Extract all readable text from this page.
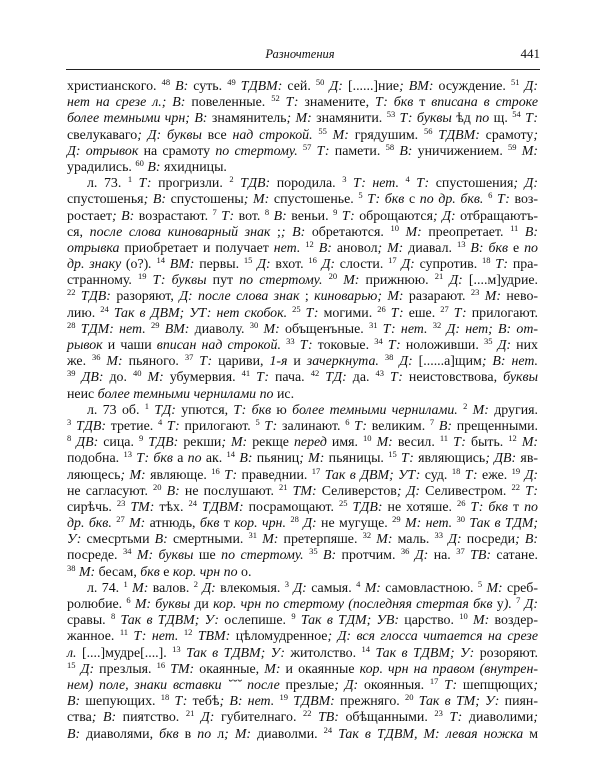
Разночтения	441
христианского. $^{48}$ В: суть. $^{49}$ ТДВМ: сей. $^{50}$ Д: [......]ние; ВМ: осуждение. $^{51}$ Д:
нет на срезе л.; В: повеленные. $^{52}$ Т: знамените, Т: бкв т вписана в строке
более темными чрн; В: знамянитель; М: знамянити. $^{53}$ Т: буквы ѣд по щ. $^{54}$ Т:
свелукаваго; Д: буквы все над строкой. $^{55}$ М: грядушим. $^{56}$ ТДВМ: срамоту;
Д: отрывок на срамоту по стертому. $^{57}$ Т: памети. $^{58}$ В: уничижением. $^{59}$ М:
урадились. $^{60}$ В: яхидницы.
л. 73. $^1$ Т: прогризли. $^2$ ТДВ: породила. $^3$ Т: нет. $^4$ Т: спустошения; Д:
спустошенья; В: спустошены; М: спустошенье. $^5$ Т: бкв с по др. бкв. $^6$ Т: воз-
ростает; В: возрастают. $^7$ Т: вот. $^8$ В: веньи. $^9$ Т: оброщаются; Д: отбращаютъ-
ся, после слова киноварный знак ;; В: обретаются. $^{10}$ М: преопретает. $^{11}$ В:
отрывка приобретает и получает нет. $^{12}$ В: ановол; М: диавал. $^{13}$ В: бкв е по
др. знаку (о?). $^{14}$ ВМ: первы. $^{15}$ Д: вхот. $^{16}$ Д: слости. $^{17}$ Д: супротив. $^{18}$ Т: пра-
странному. $^{19}$ Т: буквы пут по стертому. $^{20}$ М: прижнюю. $^{21}$ Д: [....м]удрие.
$^{22}$ ТДВ: разоряют, Д: после слова знак ; киноварью; М: разарают. $^{23}$ М: нево-
лию. $^{24}$ Так в ДВМ; УТ: нет скобок. $^{25}$ Т: могими. $^{26}$ Т: еше. $^{27}$ Т: прилогают.
$^{28}$ ТДМ: нет. $^{29}$ ВМ: диаволу. $^{30}$ М: объщенъные. $^{31}$ Т: нет. $^{32}$ Д: нет; В: от-
рывок и чаши вписан над строкой. $^{33}$ Т: токовые. $^{34}$ Т: ноложивши. $^{35}$ Д: них
же. $^{36}$ М: пьяного. $^{37}$ Т: цариви, 1-я и зачеркнута. $^{38}$ Д: [......а]щим; В: нет.
$^{39}$ ДВ: до. $^{40}$ М: убумервия. $^{41}$ Т: пача. $^{42}$ ТД: да. $^{43}$ Т: неистовствова, буквы
неис более темными чернилами по ис.
л. 73 об. $^1$ ТД: упются, Т: бкв ю более темными чернилами. $^2$ М: другия.
$^3$ ТДВ: третие. $^4$ Т: прилогают. $^5$ Т: залинают. $^6$ Т: великим. $^7$ В: прещенными.
$^8$ ДВ: сица. $^9$ ТДВ: рекши; М: рекще перед имя. $^{10}$ М: весил. $^{11}$ Т: быть. $^{12}$ М:
подобна. $^{13}$ Т: бкв а по ак. $^{14}$ В: пьяниц; М: пьяницы. $^{15}$ Т: являющись; ДВ: яв-
ляющесь; М: являюще. $^{16}$ Т: праведнии. $^{17}$ Так в ДВМ; УТ: суд. $^{18}$ Т: еже. $^{19}$ Д:
не сагласуют. $^{20}$ В: не послушают. $^{21}$ ТМ: Селиверстов; Д: Селивестром. $^{22}$ Т:
сирѣчь. $^{23}$ ТМ: тѣх. $^{24}$ ТДВМ: посрамощают. $^{25}$ ТДВ: не хотяше. $^{26}$ Т: бкв т по
др. бкв. $^{27}$ М: атнюдь, бкв т кор. чрн. $^{28}$ Д: не мугуще. $^{29}$ М: нет. $^{30}$ Так в ТДМ;
У: смесртьми В: смертными. $^{31}$ М: претерпяше. $^{32}$ М: маль. $^{33}$ Д: посреди; В:
посреде. $^{34}$ М: буквы ше по стертому. $^{35}$ В: протчим. $^{36}$ Д: на. $^{37}$ ТВ: сатане.
$^{38}$ М: бесам, бкв е кор. чрн по о.
л. 74. $^1$ М: валов. $^2$ Д: влекомыя. $^3$ Д: самыя. $^4$ М: самовластною. $^5$ М: среб-
ролюбие. $^6$ М: буквы ди кор. чрн по стертому (последняя стертая бкв у). $^7$ Д:
сравы. $^8$ Так в ТДВМ; У: ослепише. $^9$ Так в ТДМ; УВ: царство. $^{10}$ М: воздер-
жанное. $^{11}$ Т: нет. $^{12}$ ТВМ: цѣломудренное; Д: вся глосса читается на срезе
л. [....]мудре[....]. $^{13}$ Так в ТДВМ; У: житолство. $^{14}$ Так в ТДВМ; У: розоряют.
$^{15}$ Д: презлыя. $^{16}$ ТМ: окаянные, М: и окаянные кор. чрн на правом (внутрен-
нем) поле, знаки вставки ˘˘˘ после презлые; Д: окоянныя. $^{17}$ Т: шепщющих;
В: шепующих. $^{18}$ Т: тебѣ; В: нет. $^{19}$ ТДВМ: прежняго. $^{20}$ Так в ТМ; У: пиян-
ства; В: пиятство. $^{21}$ Д: губителнаго. $^{22}$ ТВ: обѣщанными. $^{23}$ Т: диаволими;
В: диаволями, бкв в по л; М: диаволми. $^{24}$ Так в ТДВМ, М: левая ножка м
